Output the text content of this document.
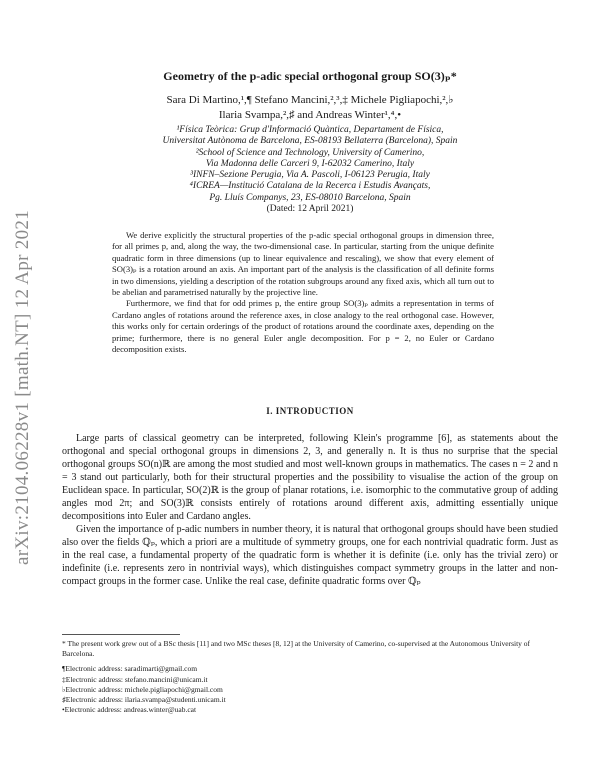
arXiv:2104.06228v1 [math.NT] 12 Apr 2021
Geometry of the p-adic special orthogonal group SO(3)ₚ*
Sara Di Martino,¹,¶ Stefano Mancini,²,³,‡ Michele Pigliapochi,²,♭
Ilaria Svampa,²,♯ and Andreas Winter¹,⁴,•
¹Física Teòrica: Grup d'Informació Quàntica, Departament de Física,
Universitat Autònoma de Barcelona, ES-08193 Bellaterra (Barcelona), Spain
²School of Science and Technology, University of Camerino,
Via Madonna delle Carceri 9, I-62032 Camerino, Italy
³INFN–Sezione Perugia, Via A. Pascoli, I-06123 Perugia, Italy
⁴ICREA—Institució Catalana de la Recerca i Estudis Avançats,
Pg. Lluís Companys, 23, ES-08010 Barcelona, Spain
(Dated: 12 April 2021)

We derive explicitly the structural properties of the p-adic special orthogonal groups in dimension three, for all primes p, and, along the way, the two-dimensional case. In particular, starting from the unique definite quadratic form in three dimensions (up to linear equivalence and rescaling), we show that every element of SO(3)ₚ is a rotation around an axis. An important part of the analysis is the classification of all definite forms in two dimensions, yielding a description of the rotation subgroups around any fixed axis, which all turn out to be abelian and parametrised naturally by the projective line.

Furthermore, we find that for odd primes p, the entire group SO(3)ₚ admits a representation in terms of Cardano angles of rotations around the reference axes, in close analogy to the real orthogonal case. However, this works only for certain orderings of the product of rotations around the coordinate axes, depending on the prime; furthermore, there is no general Euler angle decomposition. For p = 2, no Euler or Cardano decomposition exists.

I. INTRODUCTION

Large parts of classical geometry can be interpreted, following Klein's programme [6], as statements about the orthogonal and special orthogonal groups in dimensions 2, 3, and generally n. It is thus no surprise that the special orthogonal groups SO(n)ℝ are among the most studied and most well-known groups in mathematics. The cases n = 2 and n = 3 stand out particularly, both for their structural properties and the possibility to visualise the action of the group on Euclidean space. In particular, SO(2)ℝ is the group of planar rotations, i.e. isomorphic to the commutative group of adding angles mod 2π; and SO(3)ℝ consists entirely of rotations around different axis, admitting essentially unique decompositions into Euler and Cardano angles.

Given the importance of p-adic numbers in number theory, it is natural that orthogonal groups should have been studied also over the fields ℚₚ, which a priori are a multitude of symmetry groups, one for each nontrivial quadratic form. Just as in the real case, a fundamental property of the quadratic form is whether it is definite (i.e. only has the trivial zero) or indefinite (i.e. represents zero in nontrivial ways), which distinguishes compact symmetry groups in the latter and non-compact groups in the former case. Unlike the real case, definite quadratic forms over ℚₚ

* The present work grew out of a BSc thesis [11] and two MSc theses [8, 12] at the University of Camerino, co-supervised at the Autonomous University of Barcelona.

¶Electronic address: saradimarti@gmail.com

‡Electronic address: stefano.mancini@unicam.it

♭Electronic address: michele.pigliapochi@gmail.com

♯Electronic address: ilaria.svampa@studenti.unicam.it

•Electronic address: andreas.winter@uab.cat
